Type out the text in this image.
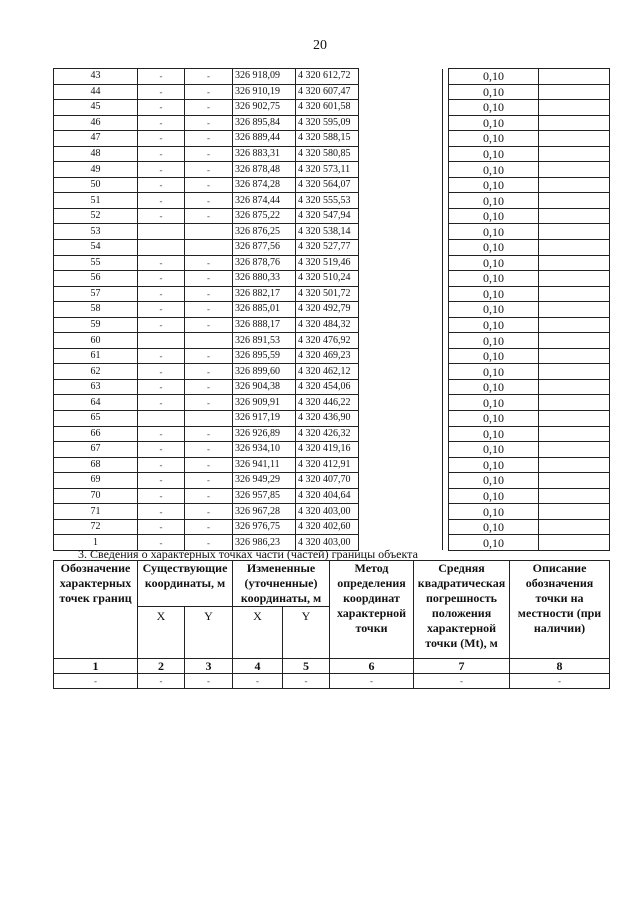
20
43	-	-	326 918,09	4 320 612,72			0,10	
44	-	-	326 910,19	4 320 607,47			0,10	
45	-	-	326 902,75	4 320 601,58			0,10	
46	-	-	326 895,84	4 320 595,09			0,10	
47	-	-	326 889,44	4 320 588,15			0,10	
48	-	-	326 883,31	4 320 580,85			0,10	
49	-	-	326 878,48	4 320 573,11			0,10	
50	-	-	326 874,28	4 320 564,07			0,10	
51	-	-	326 874,44	4 320 555,53			0,10	
52	-	-	326 875,22	4 320 547,94			0,10	
53			326 876,25	4 320 538,14			0,10	
54			326 877,56	4 320 527,77			0,10	
55	-	-	326 878,76	4 320 519,46			0,10	
56	-	-	326 880,33	4 320 510,24			0,10	
57	-	-	326 882,17	4 320 501,72			0,10	
58	-	-	326 885,01	4 320 492,79			0,10	
59	-	-	326 888,17	4 320 484,32			0,10	
60			326 891,53	4 320 476,92			0,10	
61	-	-	326 895,59	4 320 469,23			0,10	
62	-	-	326 899,60	4 320 462,12			0,10	
63	-	-	326 904,38	4 320 454,06			0,10	
64	-	-	326 909,91	4 320 446,22			0,10	
65			326 917,19	4 320 436,90			0,10	
66	-	-	326 926,89	4 320 426,32			0,10	
67	-	-	326 934,10	4 320 419,16			0,10	
68	-	-	326 941,11	4 320 412,91			0,10	
69	-	-	326 949,29	4 320 407,70			0,10	
70	-	-	326 957,85	4 320 404,64			0,10	
71	-	-	326 967,28	4 320 403,00			0,10	
72	-	-	326 976,75	4 320 402,60			0,10	
1	-	-	326 986,23	4 320 403,00			0,10	
3. Сведения о характерных точках части (частей) границы объекта
Обозначение характерных точек границ	Существующие координаты, м		Измененные (уточненные) координаты, м		Метод определения координат характерной точки	Средняя квадратическая погрешность положения характерной точки (Mt), м	Описание обозначения точки на местности (при наличии)
	X	Y	X	Y			
1	2	3	4	5	6	7	8
-	-	-	-	-	-	-	-
